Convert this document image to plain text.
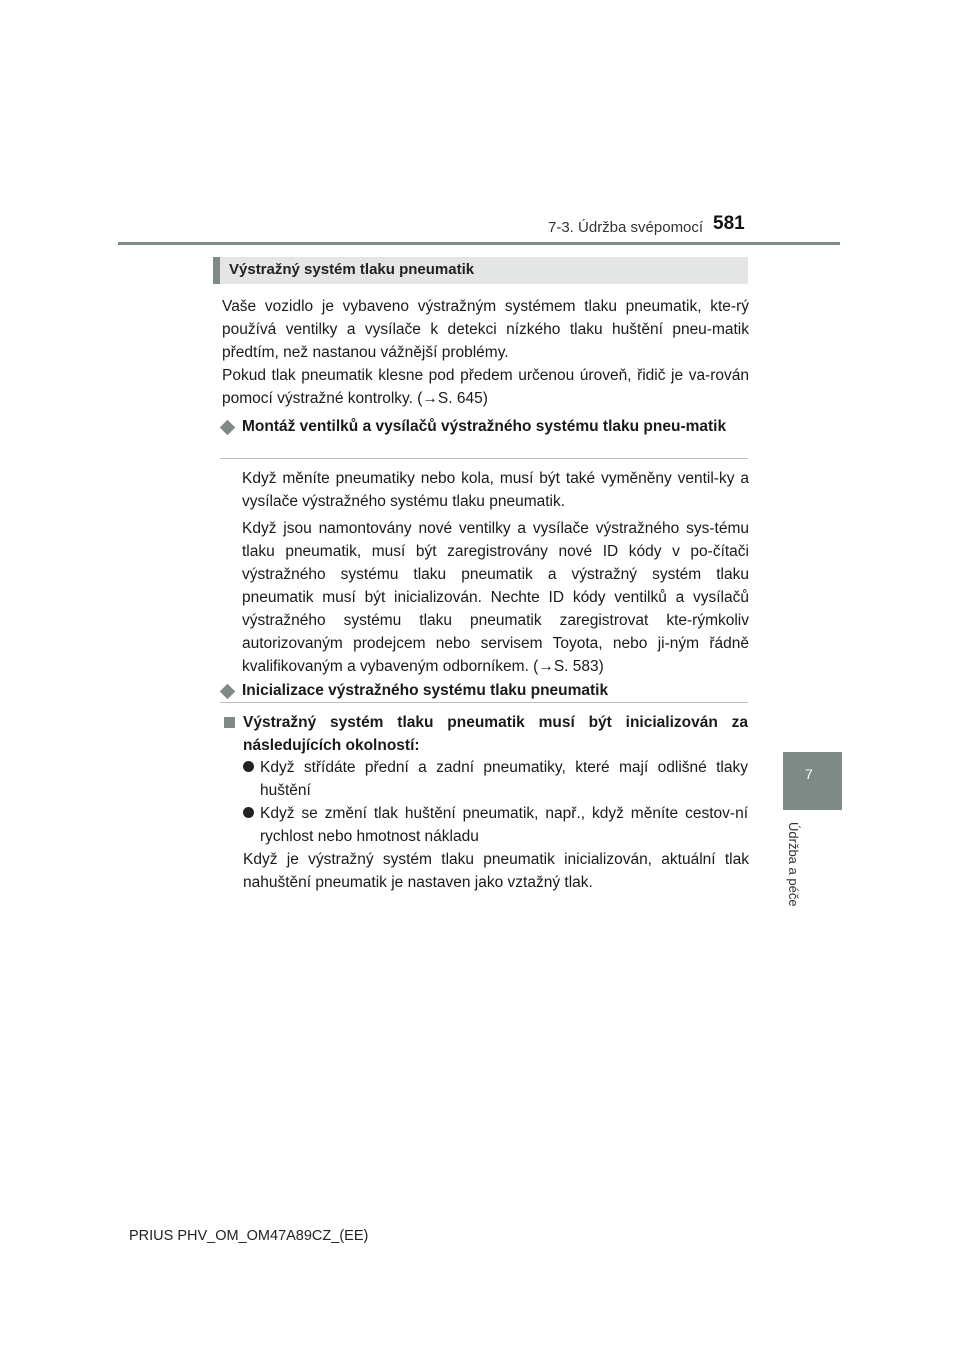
7-3. Údržba svépomocí 581
7
Údržba a péče
Výstražný systém tlaku pneumatik

Vaše vozidlo je vybaveno výstražným systémem tlaku pneumatik, kte-rý používá ventilky a vysílače k detekci nízkého tlaku huštění pneu-matik předtím, než nastanou vážnější problémy.

Pokud tlak pneumatik klesne pod předem určenou úroveň, řidič je va-rován pomocí výstražné kontrolky. (→S. 645)

Montáž ventilků a vysílačů výstražného systému tlaku pneu-matik

Když měníte pneumatiky nebo kola, musí být také vyměněny ventil-ky a vysílače výstražného systému tlaku pneumatik.

Když jsou namontovány nové ventilky a vysílače výstražného sys-tému tlaku pneumatik, musí být zaregistrovány nové ID kódy v po-čítači výstražného systému tlaku pneumatik a výstražný systém tlaku pneumatik musí být inicializován. Nechte ID kódy ventilků a vysílačů výstražného systému tlaku pneumatik zaregistrovat kte-rýmkoliv autorizovaným prodejcem nebo servisem Toyota, nebo ji-ným řádně kvalifikovaným a vybaveným odborníkem. (→S. 583)

Inicializace výstražného systému tlaku pneumatik
Výstražný systém tlaku pneumatik musí být inicializován za následujících okolností:
Když střídáte přední a zadní pneumatiky, které mají odlišné tlaky huštění
Když se změní tlak huštění pneumatik, např., když měníte cestov-ní rychlost nebo hmotnost nákladu

Když je výstražný systém tlaku pneumatik inicializován, aktuální tlak nahuštění pneumatik je nastaven jako vztažný tlak.

PRIUS PHV_OM_OM47A89CZ_(EE)
